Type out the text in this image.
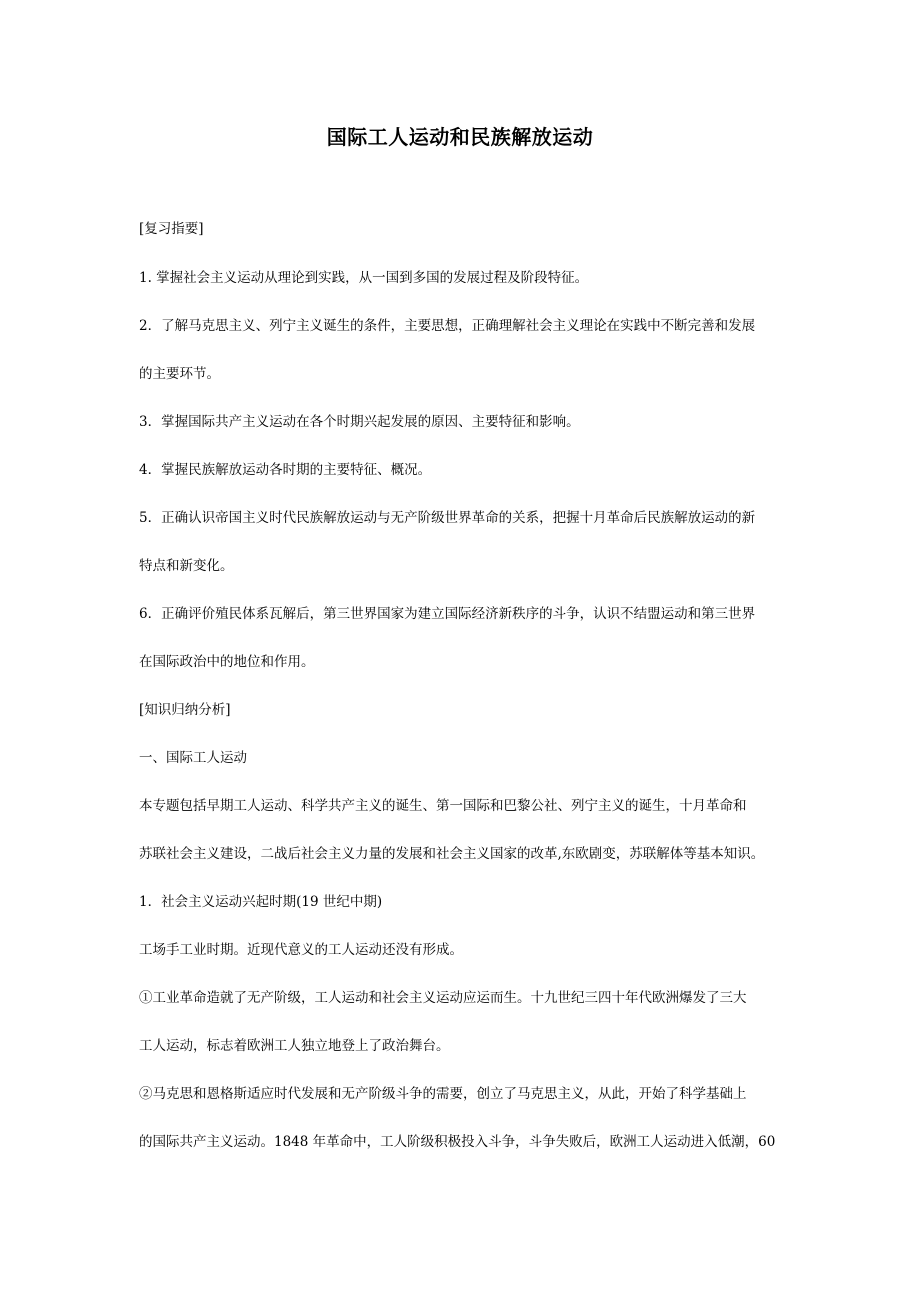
国际工人运动和民族解放运动
[复习指要]
1. 掌握社会主义运动从理论到实践，从一国到多国的发展过程及阶段特征。
2．了解马克思主义、列宁主义诞生的条件，主要思想，正确理解社会主义理论在实践中不断完善和发展
的主要环节。
3．掌握国际共产主义运动在各个时期兴起发展的原因、主要特征和影响。
4．掌握民族解放运动各时期的主要特征、概况。
5．正确认识帝国主义时代民族解放运动与无产阶级世界革命的关系，把握十月革命后民族解放运动的新
特点和新变化。
6．正确评价殖民体系瓦解后，第三世界国家为建立国际经济新秩序的斗争，认识不结盟运动和第三世界
在国际政治中的地位和作用。
[知识归纳分析]
一、国际工人运动
本专题包括早期工人运动、科学共产主义的诞生、第一国际和巴黎公社、列宁主义的诞生，十月革命和
苏联社会主义建设，二战后社会主义力量的发展和社会主义国家的改革,东欧剧变，苏联解体等基本知识。
1．社会主义运动兴起时期(19 世纪中期)
工场手工业时期。近现代意义的工人运动还没有形成。
①工业革命造就了无产阶级，工人运动和社会主义运动应运而生。十九世纪三四十年代欧洲爆发了三大
工人运动，标志着欧洲工人独立地登上了政治舞台。
②马克思和恩格斯适应时代发展和无产阶级斗争的需要，创立了马克思主义，从此，开始了科学基础上
的国际共产主义运动。1848 年革命中，工人阶级积极投入斗争，斗争失败后，欧洲工人运动进入低潮，60
